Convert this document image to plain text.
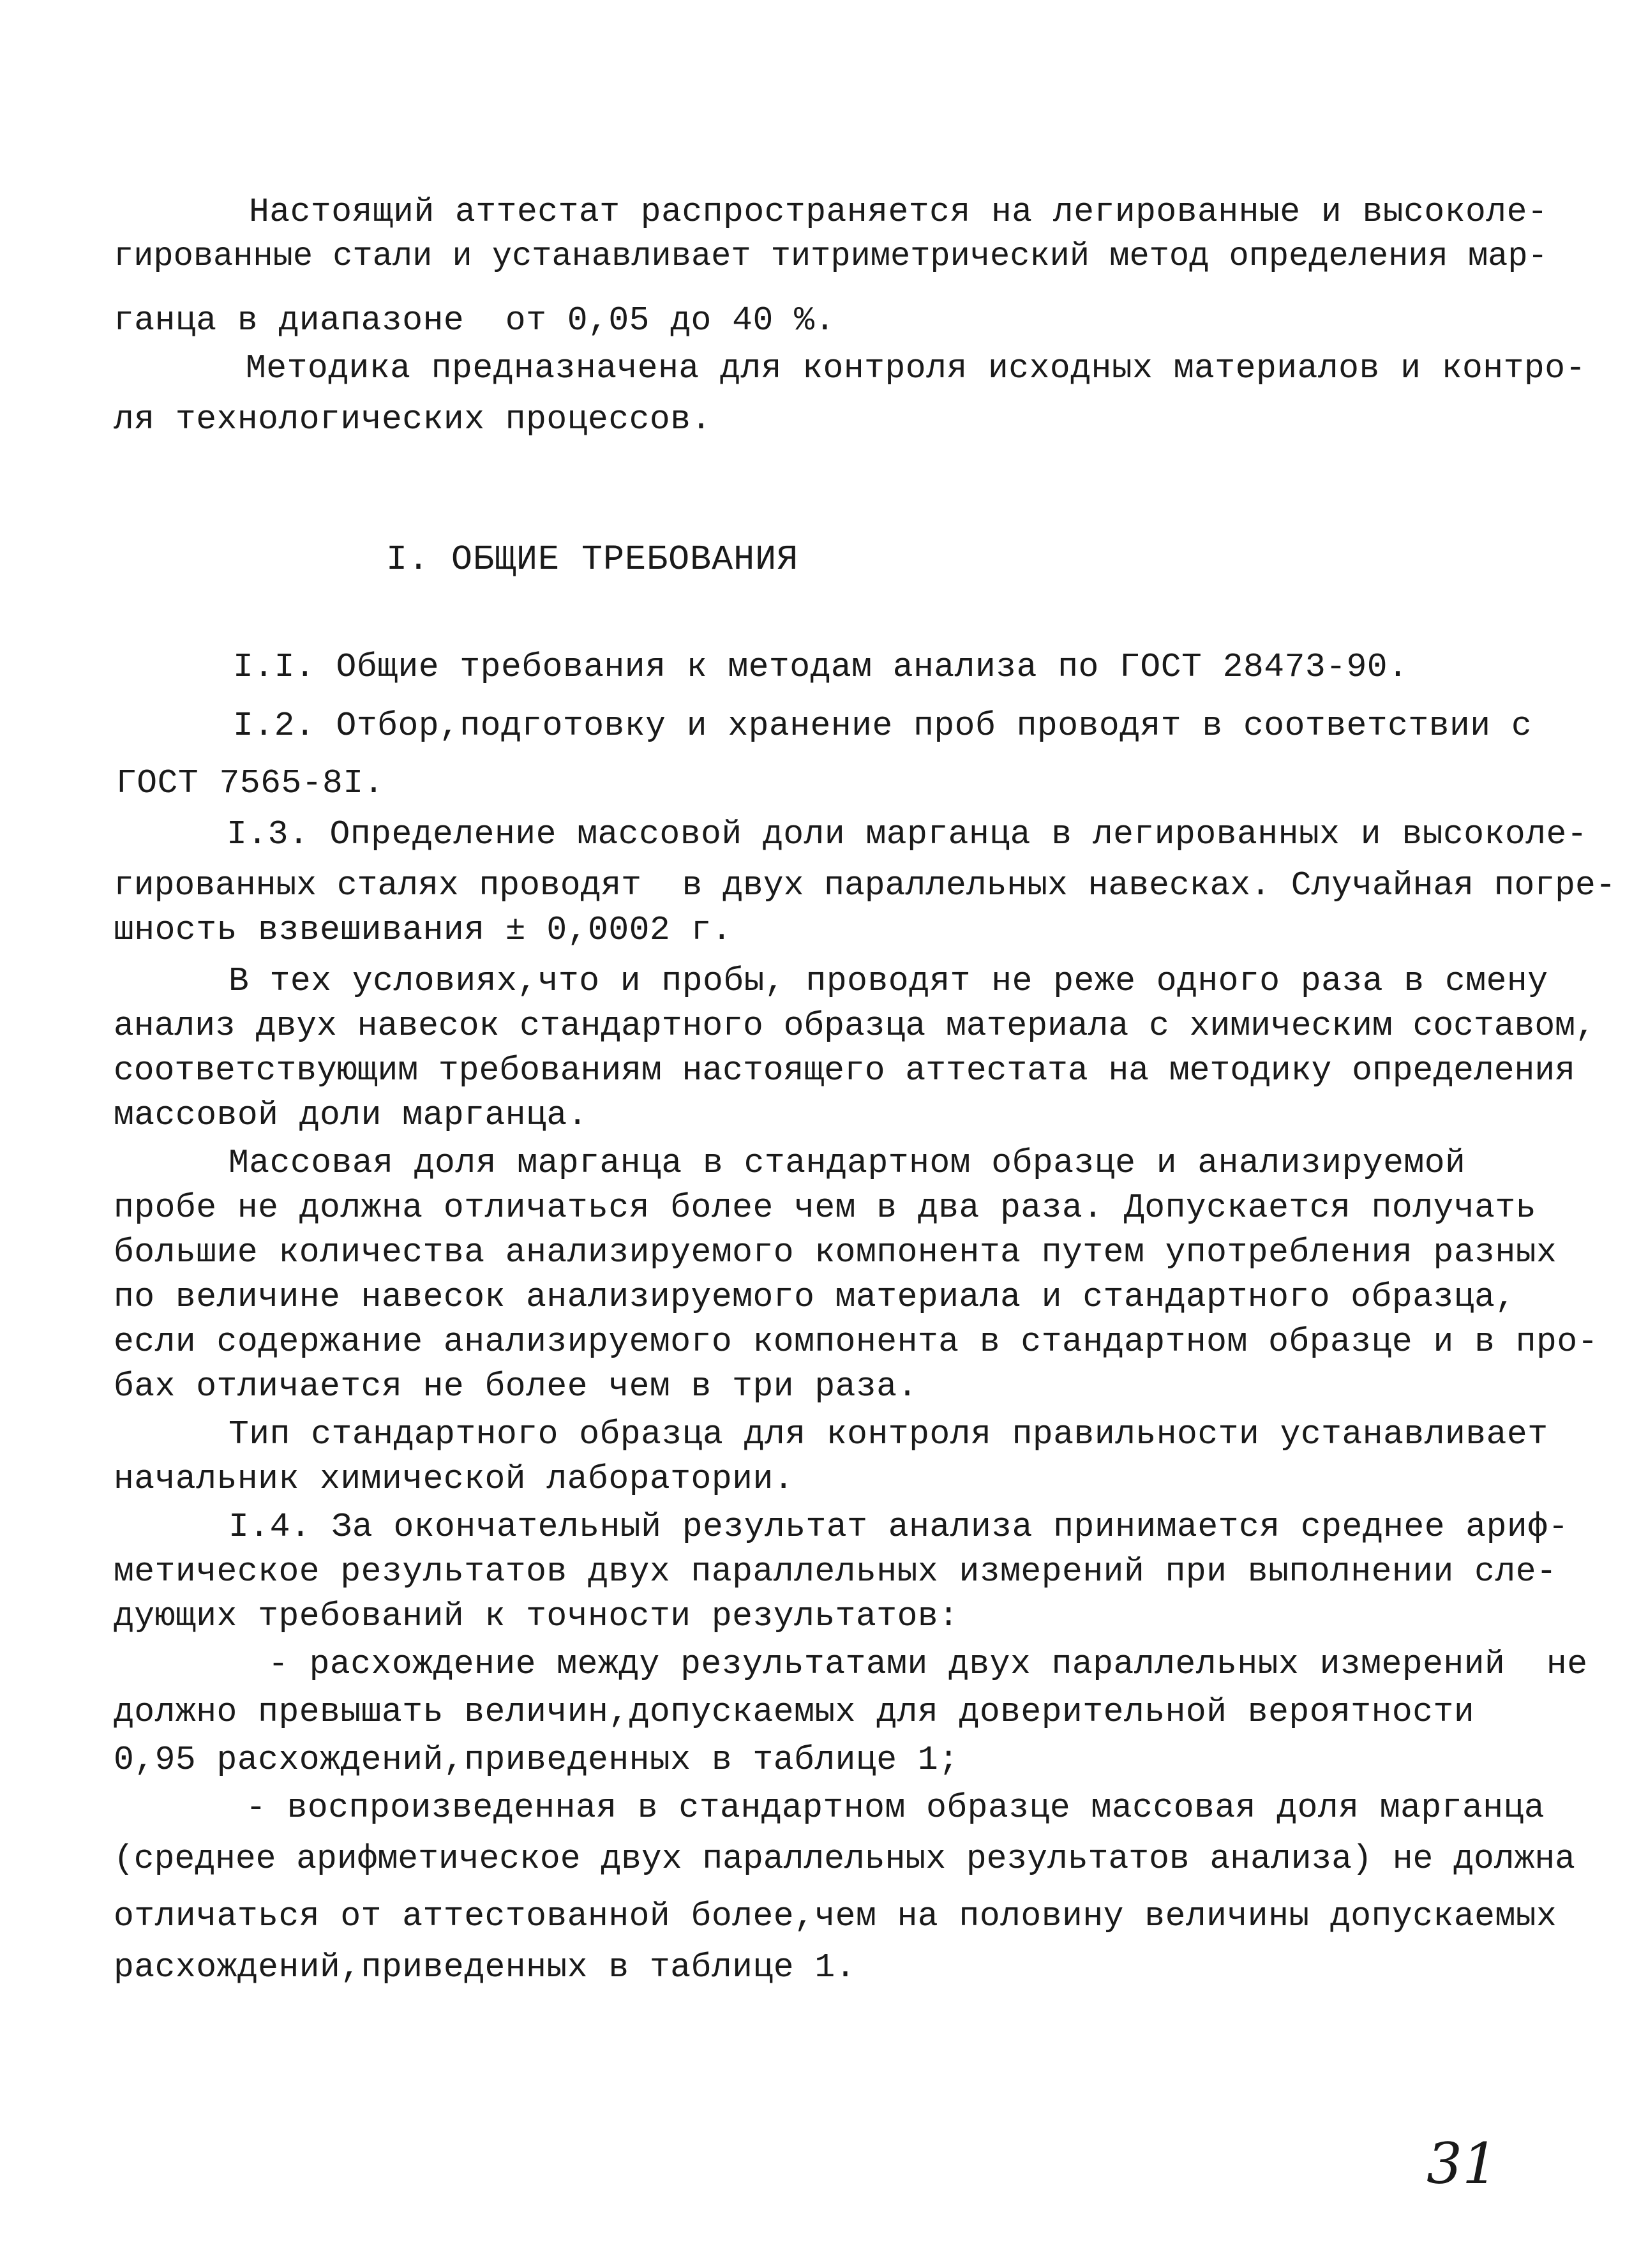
Настоящий аттестат распространяется на легированные и высоколе-
гированные стали и устанавливает титриметрический метод определения мар-
ганца в диапазоне  от 0,05 до 40 %.
Методика предназначена для контроля исходных материалов и контро-
ля технологических процессов.
I. ОБЩИЕ ТРЕБОВАНИЯ
I.I. Общие требования к методам анализа по ГОСТ 28473-90.
I.2. Отбор,подготовку и хранение проб проводят в соответствии с
ГОСТ 7565-8I.
I.3. Определение массовой доли марганца в легированных и высоколе-
гированных сталях проводят  в двух параллельных навесках. Случайная погре-
шность взвешивания ± 0,0002 г.
В тех условиях,что и пробы, проводят не реже одного раза в смену
анализ двух навесок стандартного образца материала с химическим составом,
соответствующим требованиям настоящего аттестата на методику определения
массовой доли марганца.
Массовая доля марганца в стандартном образце и анализируемой
пробе не должна отличаться более чем в два раза. Допускается получать
большие количества анализируемого компонента путем употребления разных
по величине навесок анализируемого материала и стандартного образца,
если содержание анализируемого компонента в стандартном образце и в про-
бах отличается не более чем в три раза.
Тип стандартного образца для контроля правильности устанавливает
начальник химической лаборатории.
I.4. За окончательный результат анализа принимается среднее ариф-
метическое результатов двух параллельных измерений при выполнении сле-
дующих требований к точности результатов:
- расхождение между результатами двух параллельных измерений  не
должно превышать величин,допускаемых для доверительной вероятности
0,95 расхождений,приведенных в таблице 1;
- воспроизведенная в стандартном образце массовая доля марганца
(среднее арифметическое двух параллельных результатов анализа) не должна
отличаться от аттестованной более,чем на половину величины допускаемых
расхождений,приведенных в таблице 1.
31
